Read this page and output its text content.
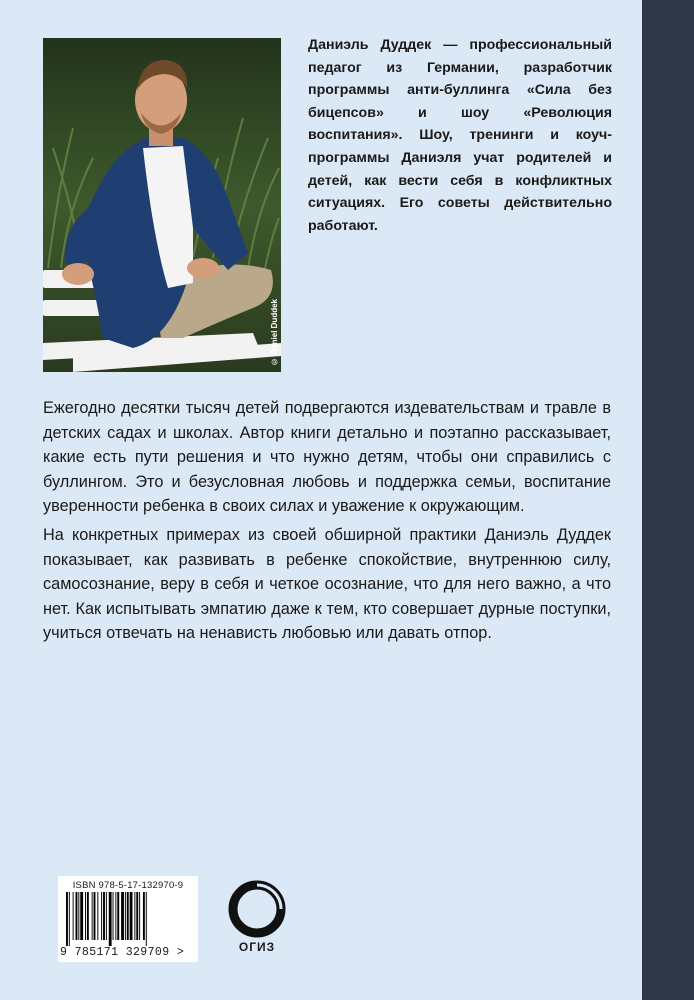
© Daniel Duddek

Даниэль Дуддек — профессиональный педагог из Германии, разработчик программы анти-буллинга «Сила без бицепсов» и шоу «Революция воспитания». Шоу, тренинги и коуч-программы Даниэля учат родителей и детей, как вести себя в конфликтных ситуациях. Его советы действительно работают.

Ежегодно десятки тысяч детей подвергаются издевательствам и травле в детских садах и школах. Автор книги детально и поэтапно рассказывает, какие есть пути решения и что нужно детям, чтобы они справились с буллингом. Это и безусловная любовь и поддержка семьи, воспитание уверенности ребенка в своих силах и уважение к окружающим.

На конкретных примерах из своей обширной практики Даниэль Дуддек показывает, как развивать в ребенке спокойствие, внутреннюю силу, самосознание, веру в себя и четкое осознание, что для него важно, а что нет. Как испытывать эмпатию даже к тем, кто совершает дурные поступки, учиться отвечать на ненависть любовью или давать отпор.

ISBN 978-5-17-132970-9
9 785171 329709 >	ОГИЗ
